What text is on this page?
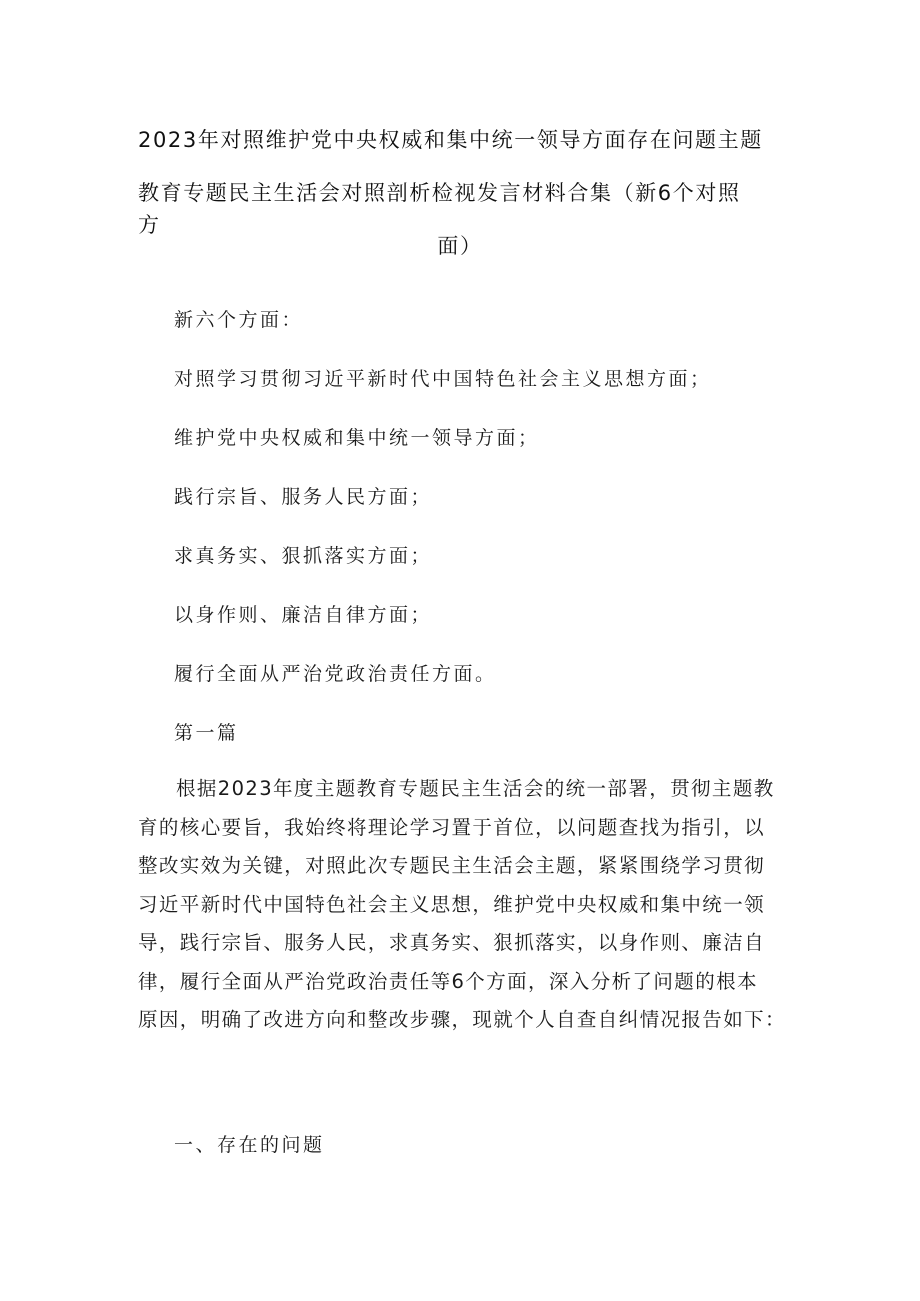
2023年对照维护党中央权威和集中统一领导方面存在问题主题
教育专题民主生活会对照剖析检视发言材料合集（新6个对照
方
面）
新六个方面：
对照学习贯彻习近平新时代中国特色社会主义思想方面；
维护党中央权威和集中统一领导方面；
践行宗旨、服务人民方面；
求真务实、狠抓落实方面；
以身作则、廉洁自律方面；
履行全面从严治党政治责任方面。
第一篇
根据2023年度主题教育专题民主生活会的统一部署，贯彻主题教
育的核心要旨，我始终将理论学习置于首位，以问题查找为指引，以
整改实效为关键，对照此次专题民主生活会主题，紧紧围绕学习贯彻
习近平新时代中国特色社会主义思想，维护党中央权威和集中统一领
导，践行宗旨、服务人民，求真务实、狠抓落实，以身作则、廉洁自
律，履行全面从严治党政治责任等6个方面，深入分析了问题的根本
原因，明确了改进方向和整改步骤，现就个人自查自纠情况报告如下：
一、存在的问题
